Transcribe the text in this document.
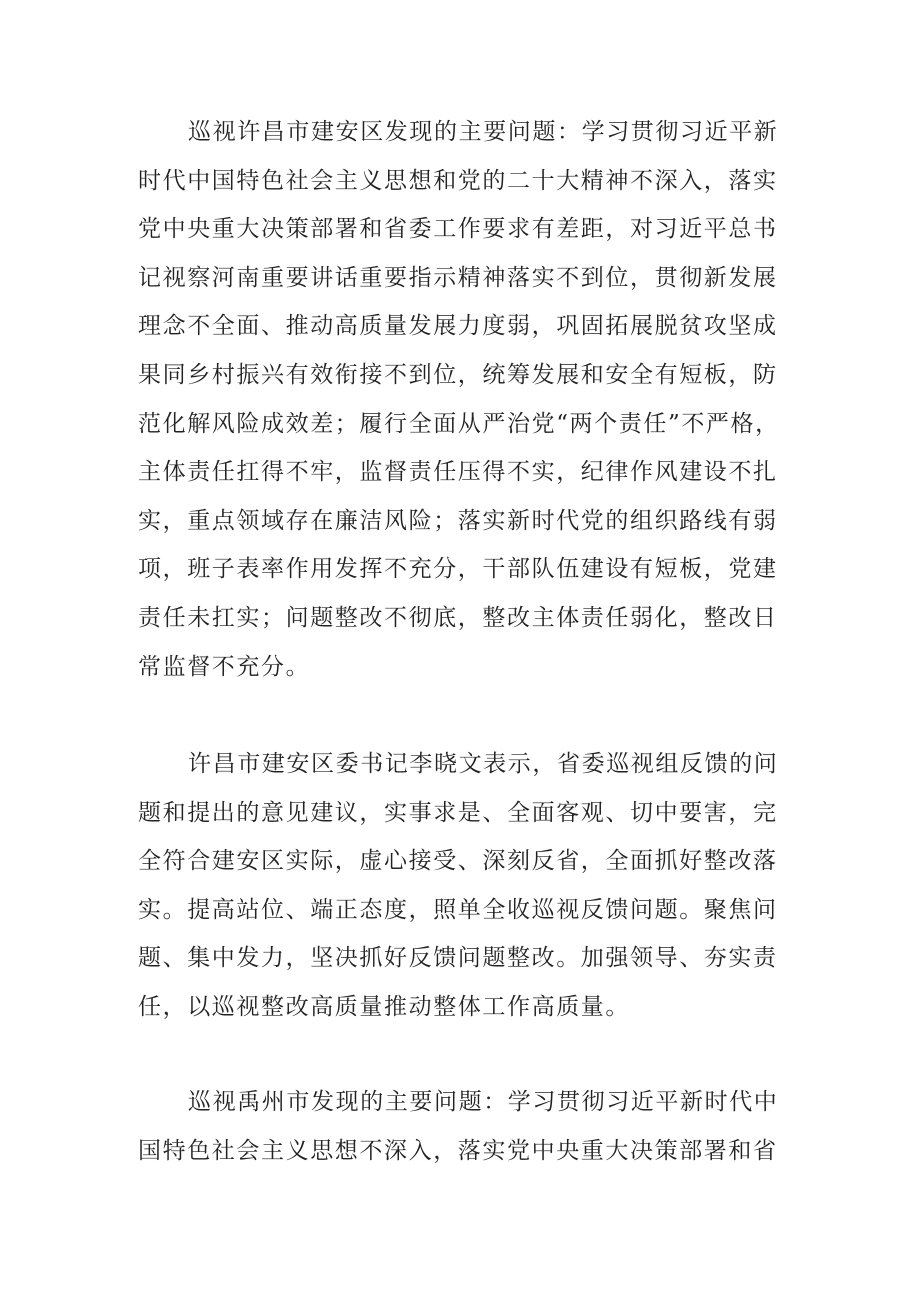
巡视许昌市建安区发现的主要问题：学习贯彻习近平新
时代中国特色社会主义思想和党的二十大精神不深入，落实
党中央重大决策部署和省委工作要求有差距，对习近平总书
记视察河南重要讲话重要指示精神落实不到位，贯彻新发展
理念不全面、推动高质量发展力度弱，巩固拓展脱贫攻坚成
果同乡村振兴有效衔接不到位，统筹发展和安全有短板，防
范化解风险成效差；履行全面从严治党“两个责任”不严格，
主体责任扛得不牢，监督责任压得不实，纪律作风建设不扎
实，重点领域存在廉洁风险；落实新时代党的组织路线有弱
项，班子表率作用发挥不充分，干部队伍建设有短板，党建
责任未扛实；问题整改不彻底，整改主体责任弱化，整改日
常监督不充分。
许昌市建安区委书记李晓文表示，省委巡视组反馈的问
题和提出的意见建议，实事求是、全面客观、切中要害，完
全符合建安区实际，虚心接受、深刻反省，全面抓好整改落
实。提高站位、端正态度，照单全收巡视反馈问题。聚焦问
题、集中发力，坚决抓好反馈问题整改。加强领导、夯实责
任，以巡视整改高质量推动整体工作高质量。
巡视禹州市发现的主要问题：学习贯彻习近平新时代中
国特色社会主义思想不深入，落实党中央重大决策部署和省
